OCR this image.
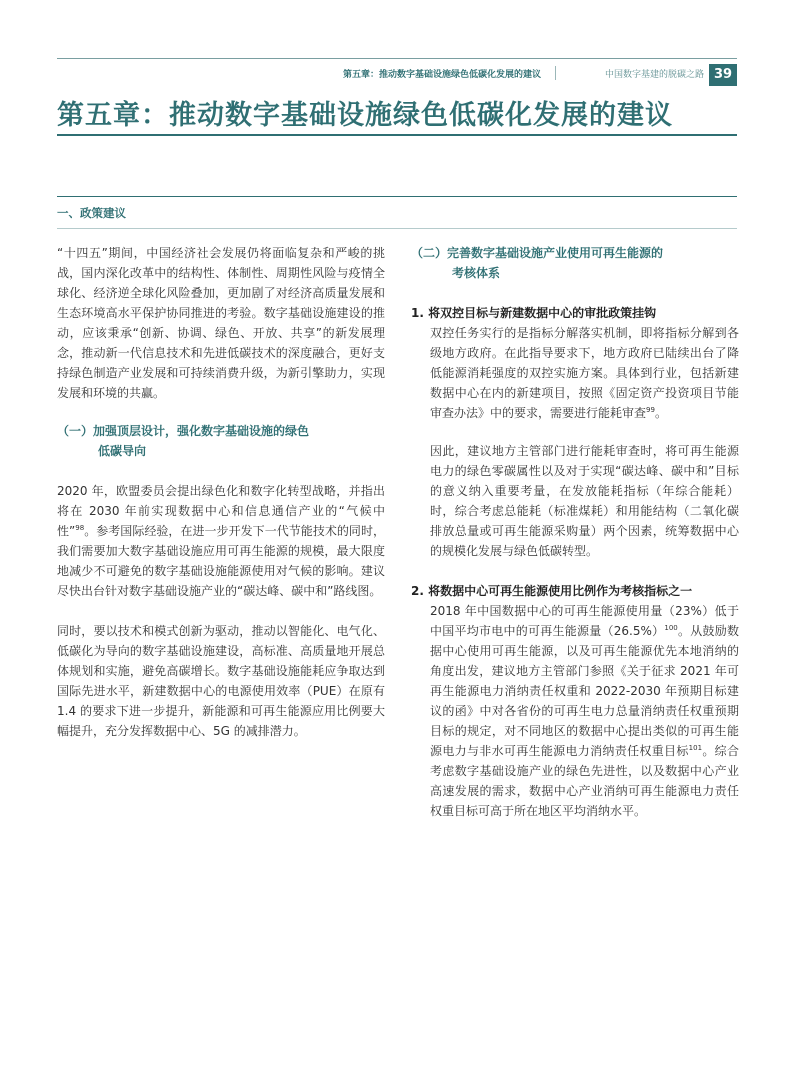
第五章：推动数字基础设施绿色低碳化发展的建议	中国数字基建的脱碳之路 39
第五章：推动数字基础设施绿色低碳化发展的建议
一、政策建议

“十四五”期间，中国经济社会发展仍将面临复杂和严峻的挑战，国内深化改革中的结构性、体制性、周期性风险与疫情全球化、经济逆全球化风险叠加，更加剧了对经济高质量发展和生态环境高水平保护协同推进的考验。数字基础设施建设的推动，应该秉承“创新、协调、绿色、开放、共享”的新发展理念，推动新一代信息技术和先进低碳技术的深度融合，更好支持绿色制造产业发展和可持续消费升级，为新引擎助力，实现发展和环境的共赢。

（一）加强顶层设计，强化数字基础设施的绿色
低碳导向

2020 年，欧盟委员会提出绿色化和数字化转型战略，并指出将在 2030 年前实现数据中心和信息通信产业的“气候中性”$^{98}$。参考国际经验，在进一步开发下一代节能技术的同时，我们需要加大数字基础设施应用可再生能源的规模，最大限度地减少不可避免的数字基础设施能源使用对气候的影响。建议尽快出台针对数字基础设施产业的“碳达峰、碳中和”路线图。

同时，要以技术和模式创新为驱动，推动以智能化、电气化、低碳化为导向的数字基础设施建设，高标准、高质量地开展总体规划和实施，避免高碳增长。数字基础设施能耗应争取达到国际先进水平，新建数据中心的电源使用效率（PUE）在原有 1.4 的要求下进一步提升，新能源和可再生能源应用比例要大幅提升，充分发挥数据中心、5G 的减排潜力。

（二）完善数字基础设施产业使用可再生能源的
考核体系
1. 将双控目标与新建数据中心的审批政策挂钩

双控任务实行的是指标分解落实机制，即将指标分解到各级地方政府。在此指导要求下，地方政府已陆续出台了降低能源消耗强度的双控实施方案。具体到行业，包括新建数据中心在内的新建项目，按照《固定资产投资项目节能审查办法》中的要求，需要进行能耗审查$^{99}$。

因此，建议地方主管部门进行能耗审查时，将可再生能源电力的绿色零碳属性以及对于实现“碳达峰、碳中和”目标的意义纳入重要考量，在发放能耗指标（年综合能耗）时，综合考虑总能耗（标准煤耗）和用能结构（二氧化碳排放总量或可再生能源采购量）两个因素，统筹数据中心的规模化发展与绿色低碳转型。

2. 将数据中心可再生能源使用比例作为考核指标之一

2018 年中国数据中心的可再生能源使用量（23%）低于中国平均市电中的可再生能源量$(26.5\%)^{100}$。从鼓励数据中心使用可再生能源，以及可再生能源优先本地消纳的角度出发，建议地方主管部门参照《关于征求 2021 年可再生能源电力消纳责任权重和 2022-2030 年预期目标建议的函》中对各省份的可再生电力总量消纳责任权重预期目标的规定，对不同地区的数据中心提出类似的可再生能源电力与非水可再生能源电力消纳责任权重目标$^{101}$。综合考虑数字基础设施产业的绿色先进性，以及数据中心产业高速发展的需求，数据中心产业消纳可再生能源电力责任权重目标可高于所在地区平均消纳水平。
